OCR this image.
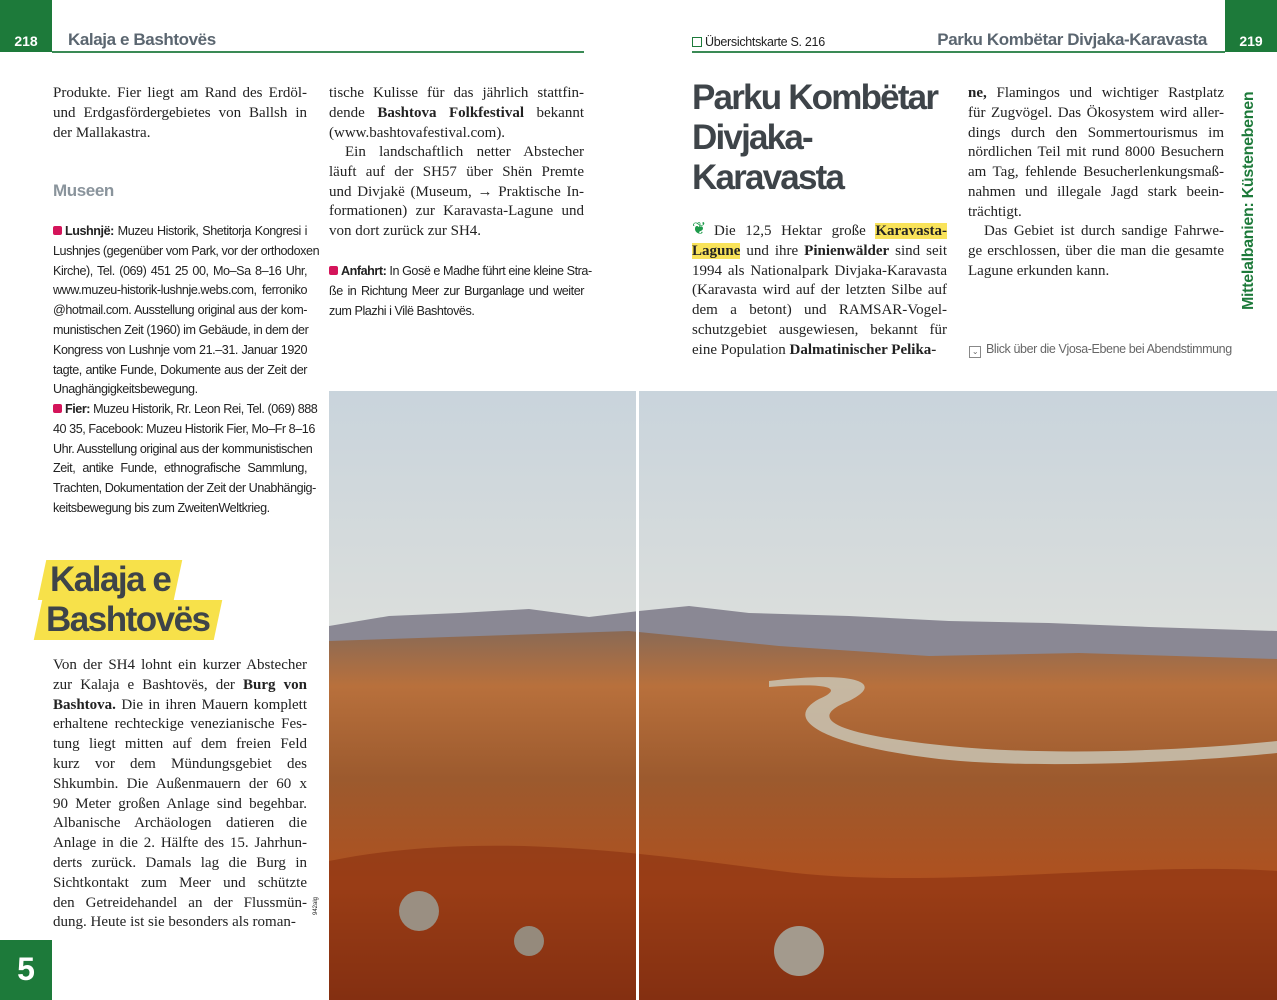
218	Kalaja e Bashtovës
Produkte. Fier liegt am Rand des Erdöl-
und Erdgasfördergebietes von Ballsh in
der Mallakastra.
Museen
Lushnjë: Muzeu Historik, Shetitorja Kongresi i
Lushnjes (gegenüber vom Park, vor der orthodoxen
Kirche), Tel. (069) 451 25 00, Mo–Sa 8–16 Uhr,
www.muzeu-historik-lushnje.webs.com, ferroniko
@hotmail.com. Ausstellung original aus der kom-
munistischen Zeit (1960) im Gebäude, in dem der
Kongress von Lushnje vom 21.–31. Januar 1920
tagte, antike Funde, Dokumente aus der Zeit der
Unaghängigkeitsbewegung.
Fier: Muzeu Historik, Rr. Leon Rei, Tel. (069) 888
40 35, Facebook: Muzeu Historik Fier, Mo–Fr 8–16
Uhr. Ausstellung original aus der kommunistischen
Zeit, antike Funde, ethnografische Sammlung,
Trachten, Dokumentation der Zeit der Unabhängig-
keitsbewegung bis zum ZweitenWeltkrieg.
Kalaja e
Bashtovës
Von der SH4 lohnt ein kurzer Abstecher
zur Kalaja e Bashtovës, der Burg von
Bashtova. Die in ihren Mauern komplett
erhaltene rechteckige venezianische Fes-
tung liegt mitten auf dem freien Feld
kurz vor dem Mündungsgebiet des
Shkumbin. Die Außenmauern der 60 x
90 Meter großen Anlage sind begehbar.
Albanische Archäologen datieren die
Anlage in die 2. Hälfte des 15. Jahrhun-
derts zurück. Damals lag die Burg in
Sichtkontakt zum Meer und schützte
den Getreidehandel an der Flussmün-
dung. Heute ist sie besonders als roman-
tische Kulisse für das jährlich stattfin-
dende Bashtova Folkfestival bekannt
(www.bashtovafestival.com).
Ein landschaftlich netter Abstecher
läuft auf der SH57 über Shën Premte
und Divjakë (Museum, → Praktische In-
formationen) zur Karavasta-Lagune und
von dort zurück zur SH4.
Anfahrt: In Gosë e Madhe führt eine kleine Stra-
ße in Richtung Meer zur Burganlage und weiter
zum Plazhi i Vilë Bashtovës.
5
942alg
Übersichtskarte S. 216	Parku Kombëtar Divjaka-Karavasta	219
Mittelalbanien: Küstenebenen
Parku Kombëtar
Divjaka-
Karavasta
❦ Die 12,5 Hektar große Karavasta-
Lagune und ihre Pinienwälder sind seit
1994 als Nationalpark Divjaka-Karavasta
(Karavasta wird auf der letzten Silbe auf
dem a betont) und RAMSAR-Vogel-
schutzgebiet ausgewiesen, bekannt für
eine Population Dalmatinischer Pelika-
ne, Flamingos und wichtiger Rastplatz
für Zugvögel. Das Ökosystem wird aller-
dings durch den Sommertourismus im
nördlichen Teil mit rund 8000 Besuchern
am Tag, fehlende Besucherlenkungsmaß-
nahmen und illegale Jagd stark beein-
trächtigt.
Das Gebiet ist durch sandige Fahrwe-
ge erschlossen, über die man die gesamte
Lagune erkunden kann.
⌄ Blick über die Vjosa-Ebene bei Abendstimmung
